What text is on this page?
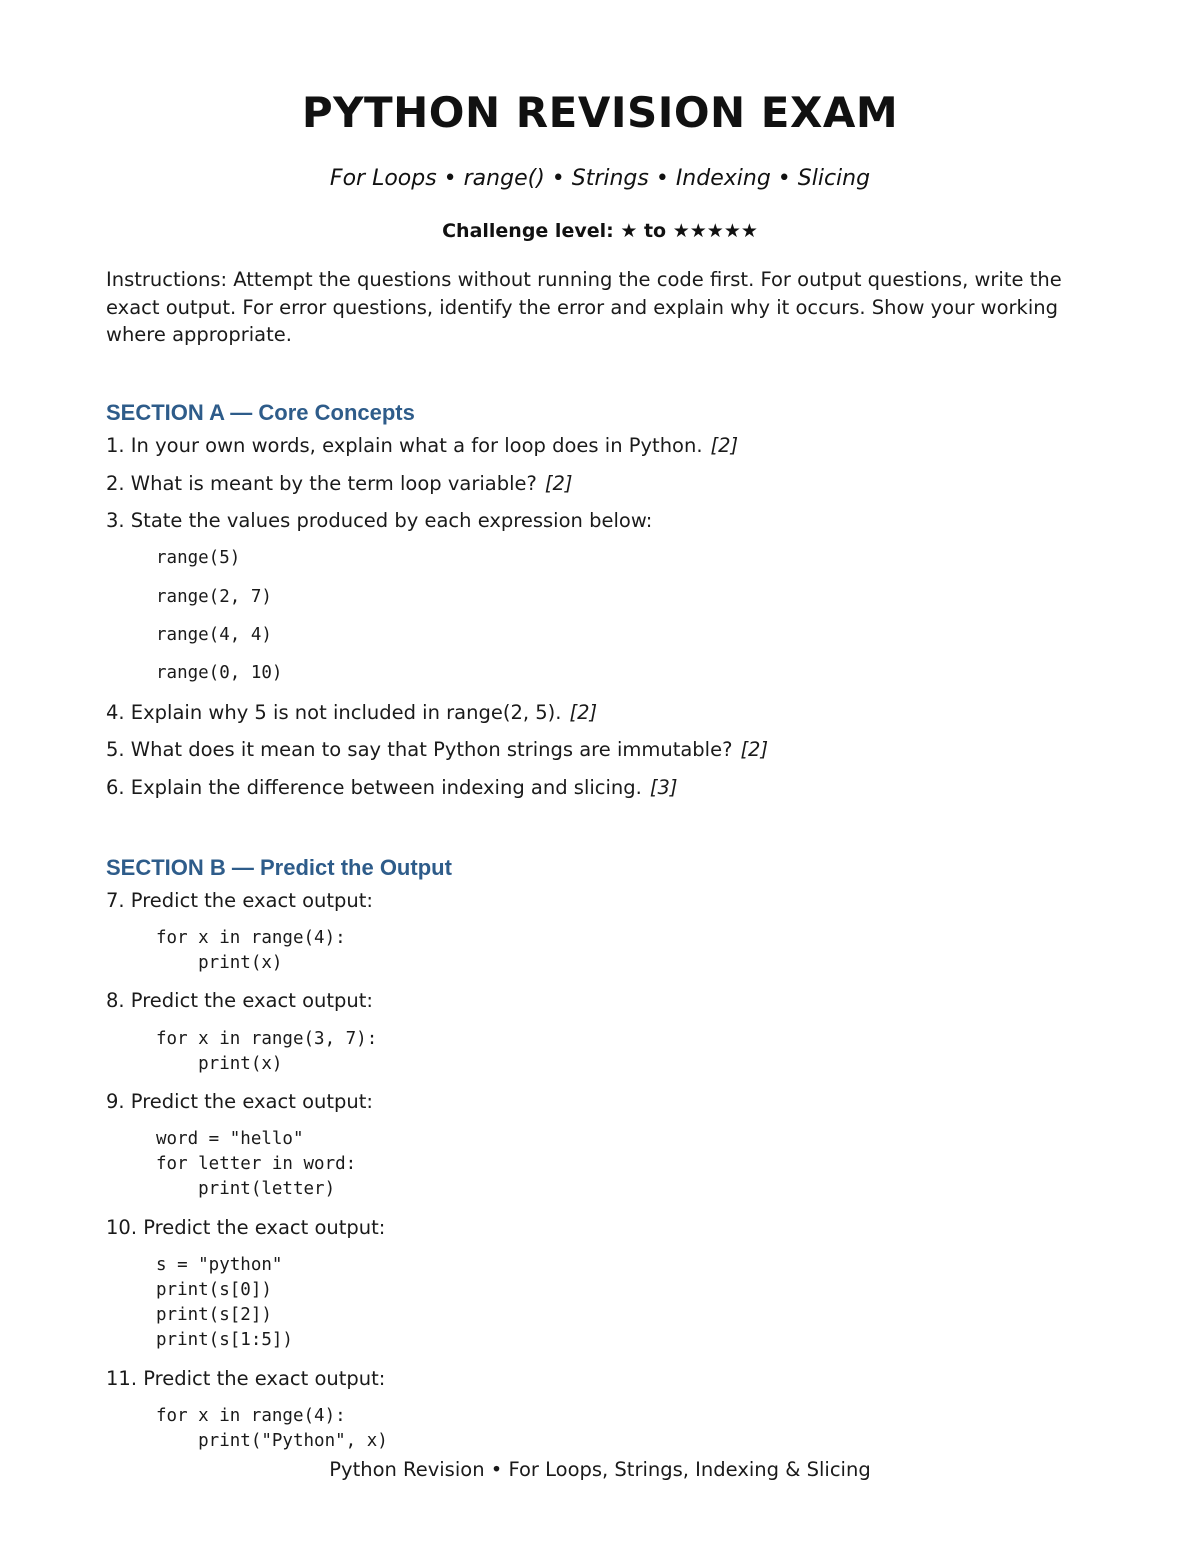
PYTHON REVISION EXAM
For Loops • range() • Strings • Indexing • Slicing
Challenge level: ★ to ★★★★★
Instructions: Attempt the questions without running the code first. For output questions, write the exact output. For error questions, identify the error and explain why it occurs. Show your working where appropriate.
SECTION A — Core Concepts
1. In your own words, explain what a for loop does in Python. [2]
2. What is meant by the term loop variable? [2]
3. State the values produced by each expression below:
range(5)
range(2, 7)
range(4, 4)
range(0, 10)
4. Explain why 5 is not included in range(2, 5). [2]
5. What does it mean to say that Python strings are immutable? [2]
6. Explain the difference between indexing and slicing. [3]
SECTION B — Predict the Output
7. Predict the exact output:
for x in range(4):
print(x)
8. Predict the exact output:
for x in range(3, 7):
print(x)
9. Predict the exact output:
word = "hello"
for letter in word:
print(letter)
10. Predict the exact output:
s = "python"
print(s[0])
print(s[2])
print(s[1:5])
11. Predict the exact output:
for x in range(4):
print("Python", x)
Python Revision • For Loops, Strings, Indexing & Slicing
